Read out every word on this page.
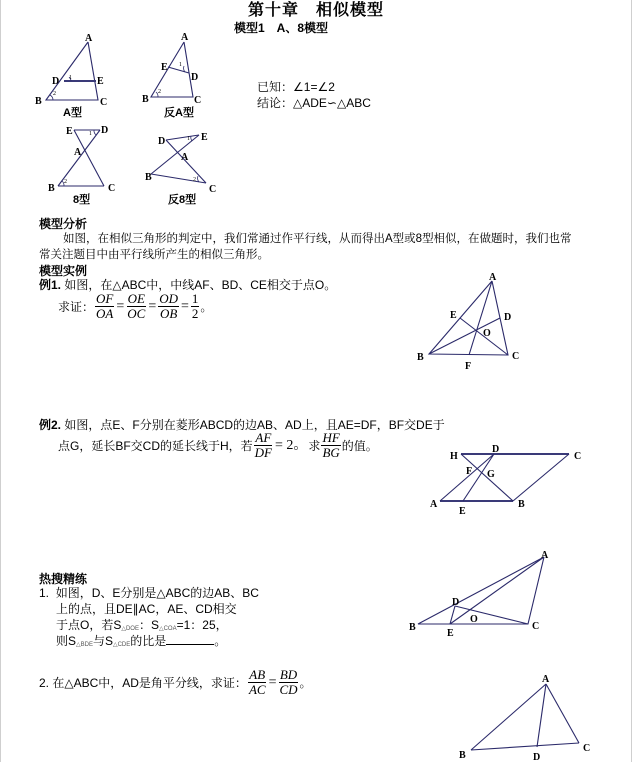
第十章　相似模型
模型1　A、8模型
A
B	C
D	E
1
2
A型
A
B	C
D
E 1
2
反A型
E	D
A
B	C
1
2
8型
D	E
A
B
C
1
2
反8型
A
B	C
D
E
F
O
H
D
C
F G
A
E
B
A
B	C
D
E
O
A
B
C
D
已知：∠1=∠2
结论：△ADE∽△ABC
模型分析
如图，在相似三角形的判定中，我们常通过作平行线，从而得出A型或8型相似，在做题时，我们也常
常关注题目中由平行线所产生的相似三角形。
模型实例
例1. 如图，在△ABC中，中线AF、BD、CE相交于点O。
求证： $\frac{OF}{OA} = \frac{OE}{OC} = \frac{OD}{OB} = \frac{1}{2}$ 。
例2. 如图，点E、F分别在菱形ABCD的边AB、AD上，且AE=DF，BF交DE于
点G，延长BF交CD的延长线于H，若 $\frac{AF}{DF} = 2$。 求 $\frac{HF}{BG}$ 的值。
热搜精练
1. 如图，D、E分别是△ABC的边AB、BC
上的点，且DE∥AC，AE、CD相交
于点O，若S△DOE：S△COA=1：25，
则S△BDE与S△CDE的比是	。
2.
在△ABC中，AD是角平分线，求证： $\frac{AB}{AC} = \frac{BD}{CD}$ 。
